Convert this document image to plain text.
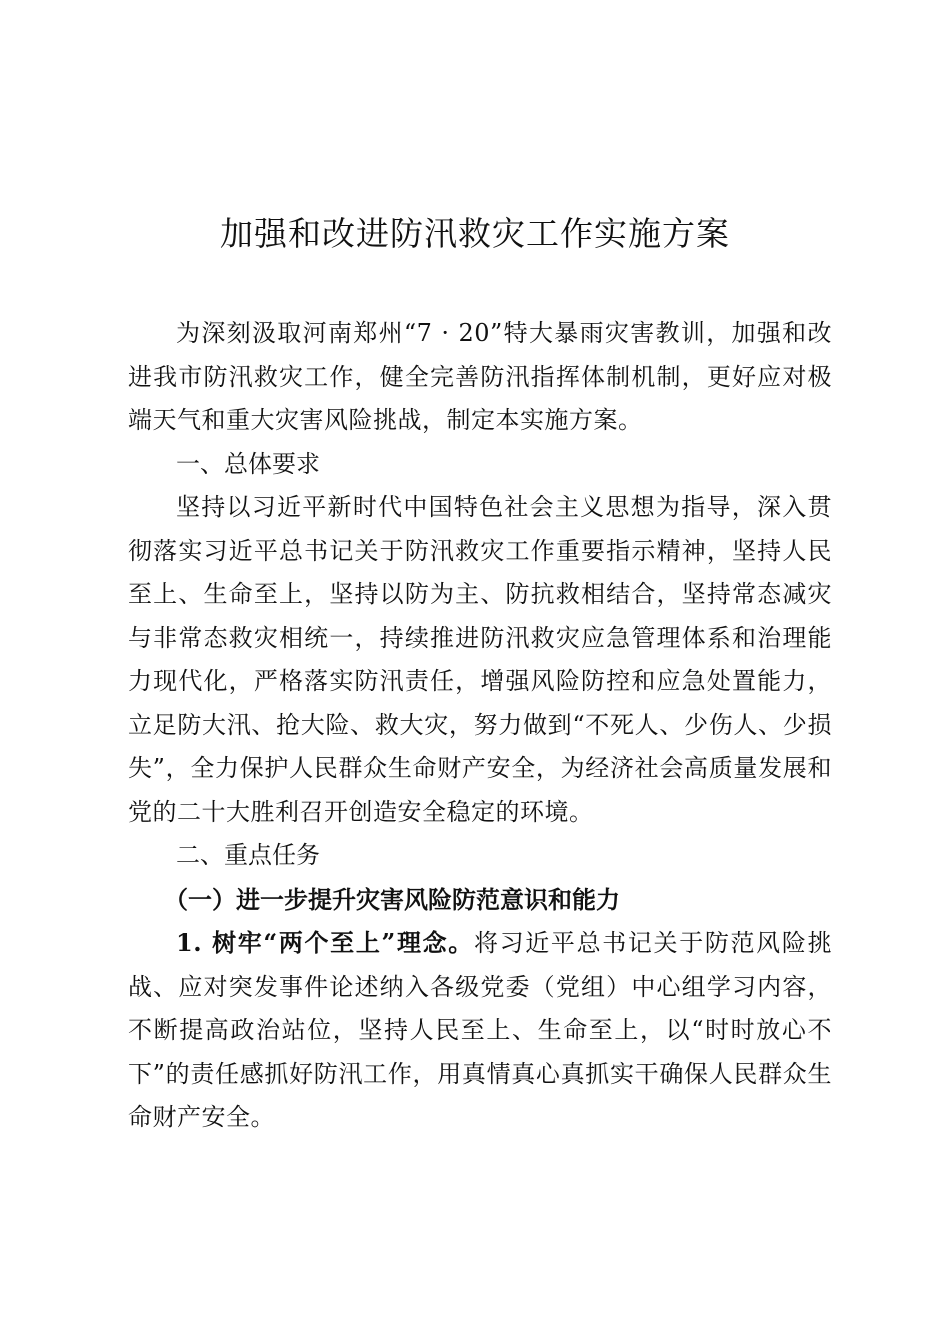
加强和改进防汛救灾工作实施方案

为深刻汲取河南郑州“7 · 20”特大暴雨灾害教训，加强和改进我市防汛救灾工作，健全完善防汛指挥体制机制，更好应对极端天气和重大灾害风险挑战，制定本实施方案。

一、总体要求

坚持以习近平新时代中国特色社会主义思想为指导，深入贯彻落实习近平总书记关于防汛救灾工作重要指示精神，坚持人民至上、生命至上，坚持以防为主、防抗救相结合，坚持常态减灾与非常态救灾相统一，持续推进防汛救灾应急管理体系和治理能力现代化，严格落实防汛责任，增强风险防控和应急处置能力，立足防大汛、抢大险、救大灾，努力做到“不死人、少伤人、少损失”，全力保护人民群众生命财产安全，为经济社会高质量发展和党的二十大胜利召开创造安全稳定的环境。

二、重点任务

（一）进一步提升灾害风险防范意识和能力

1. 树牢“两个至上”理念。将习近平总书记关于防范风险挑战、应对突发事件论述纳入各级党委（党组）中心组学习内容，不断提高政治站位，坚持人民至上、生命至上，以“时时放心不下”的责任感抓好防汛工作，用真情真心真抓实干确保人民群众生命财产安全。
